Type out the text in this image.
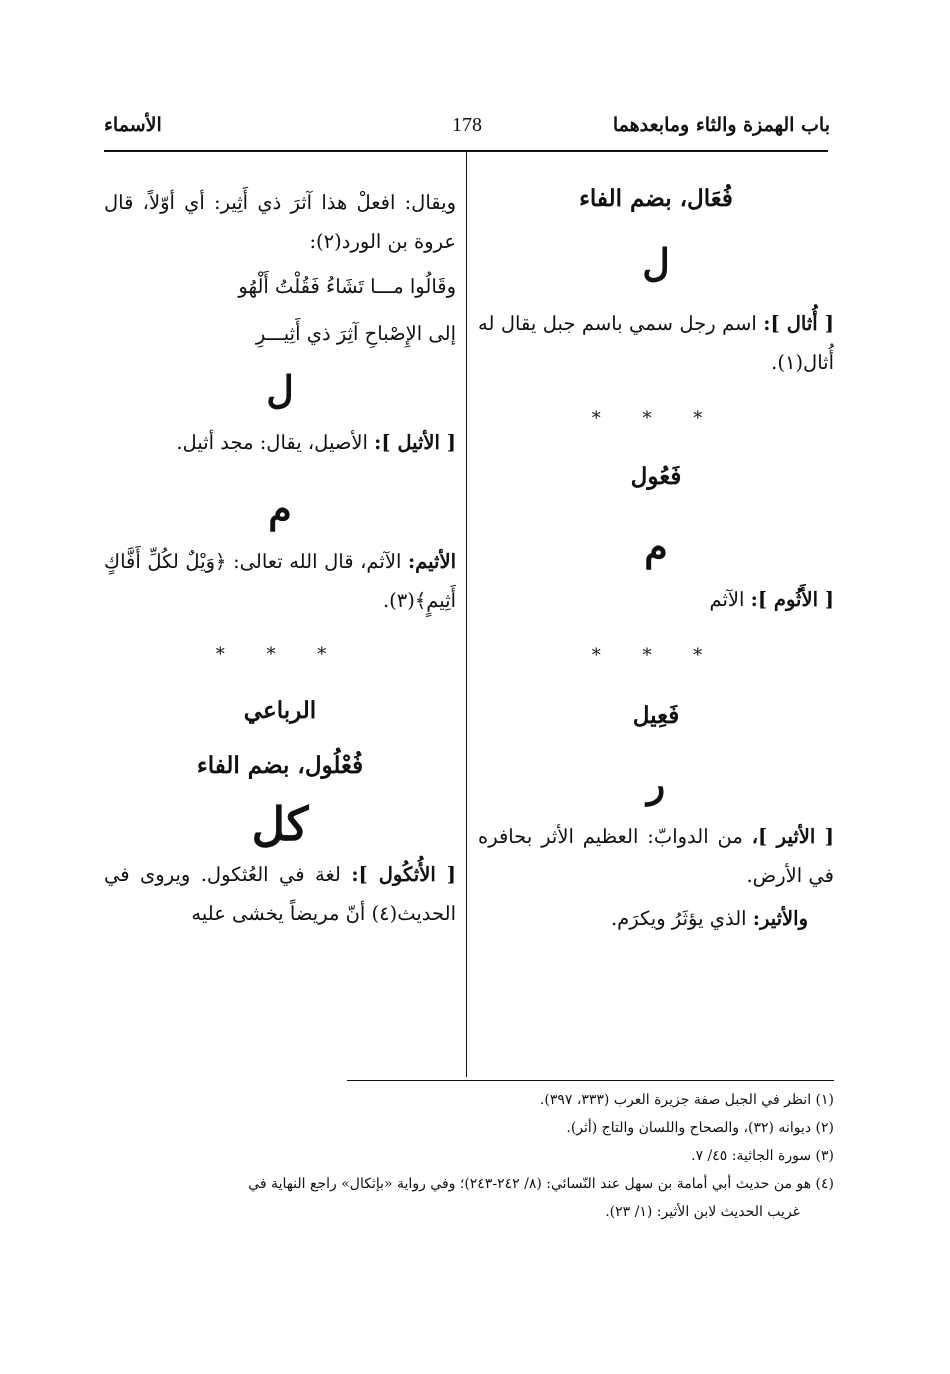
باب الهمزة والثاء ومابعدهما
178
الأسماء

فُعَال، بضم الفاء

ل

[ أُثال ]: اسم رجل سمي باسم جبل يقال له أُثال(١).

* * *

فَعُول

م

[ الأَثُوم ]: الآثم

* * *

فَعِيل

ر

[ الأثير ]، من الدوابّ: العظيم الأثر بحافره في الأرض.

والأثير: الذي يؤثَرُ ويكرَم.

ويقال: افعلْ هذا آثرَ ذي أَثِير: أي أوّلاً، قال عروة بن الورد(٢):

وقَالُوا مـــا تَشَاءُ فَقُلْتُ أَلْهُو

إلى الإِصْباحِ آثِرَ ذي أَثِيـــرِ

ل

[ الأثيل ]: الأصيل، يقال: مجد أثيل.

م

الأثيم: الآثم، قال الله تعالى: ﴿وَيْلٌ لكُلِّ أَفَّاكٍ أَثِيمٍ﴾(٣).

* * *

الرباعي

فُعْلُول، بضم الفاء

كل

[ الأُثكُول ]: لغة في العُثكول. ويروى في الحديث(٤) أنّ مريضاً يخشى عليه

(١) انظر في الجبل صفة جزيرة العرب (٣٣٣، ٣٩٧).

(٢) ديوانه (٣٢)، والصحاح واللسان والتاج (أثر).

(٣) سورة الجاثية: ٤٥/ ٧.

(٤) هو من حديث أبي أمامة بن سهل عند النّسائي: (٨/ ٢٤٢-٢٤٣)؛ وفي رواية «بإثكال» راجع النهاية في

غريب الحديث لابن الأثير: (١/ ٢٣).
